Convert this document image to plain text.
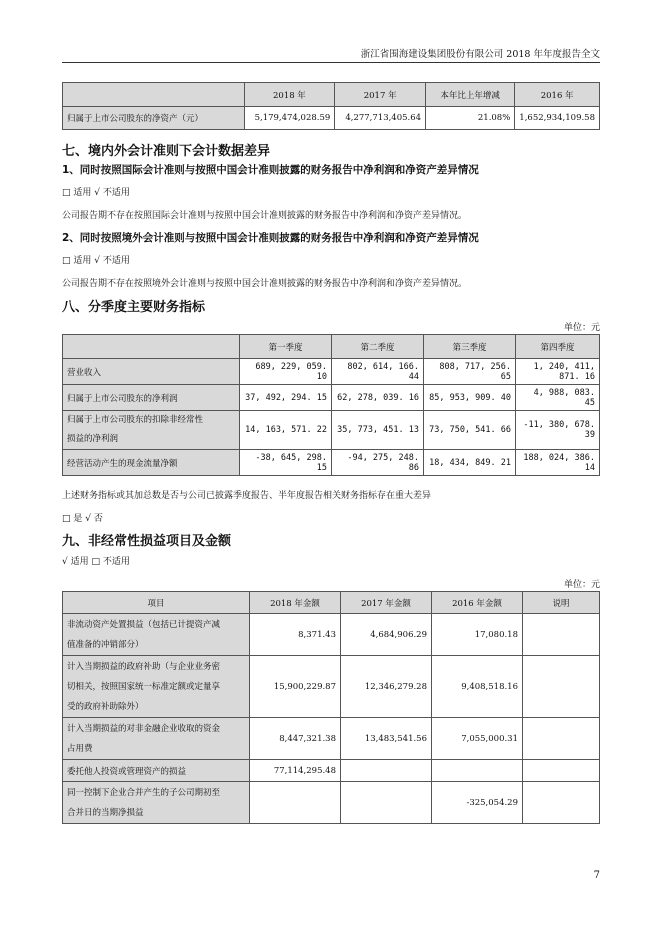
浙江省围海建设集团股份有限公司 2018 年年度报告全文
	2018 年	2017 年	本年比上年增减	2016 年
归属于上市公司股东的净资产（元）	5,179,474,028.59	4,277,713,405.64	21.08%	1,652,934,109.58
七、境内外会计准则下会计数据差异
1、同时按照国际会计准则与按照中国会计准则披露的财务报告中净利润和净资产差异情况
□ 适用 √ 不适用
公司报告期不存在按照国际会计准则与按照中国会计准则披露的财务报告中净利润和净资产差异情况。
2、同时按照境外会计准则与按照中国会计准则披露的财务报告中净利润和净资产差异情况
□ 适用 √ 不适用
公司报告期不存在按照境外会计准则与按照中国会计准则披露的财务报告中净利润和净资产差异情况。
八、分季度主要财务指标
单位：元
	第一季度	第二季度	第三季度	第四季度
营业收入	689, 229, 059. 10	802, 614, 166. 44	808, 717, 256. 65	1, 240, 411, 871. 16
归属于上市公司股东的净利润	37, 492, 294. 15	62, 278, 039. 16	85, 953, 909. 40	4, 988, 083. 45

归属于上市公司股东的扣除非经常性
损益的净利润	14, 163, 571. 22	35, 773, 451. 13	73, 750, 541. 66	-11, 380, 678. 39
经营活动产生的现金流量净额	-38, 645, 298. 15	-94, 275, 248. 86	18, 434, 849. 21	188, 024, 386. 14
上述财务指标或其加总数是否与公司已披露季度报告、半年度报告相关财务指标存在重大差异
□ 是 √ 否
九、非经常性损益项目及金额
√ 适用 □ 不适用
单位：元
项目	2018 年金额	2017 年金额	2016 年金额	说明

非流动资产处置损益（包括已计提资产减
值准备的冲销部分）	8,371.43	4,684,906.29	17,080.18	

计入当期损益的政府补助（与企业业务密
切相关，按照国家统一标准定额或定量享
受的政府补助除外）	15,900,229.87	12,346,279.28	9,408,518.16	

计入当期损益的对非金融企业收取的资金
占用费	8,447,321.38	13,483,541.56	7,055,000.31	

委托他人投资或管理资产的损益	77,114,295.48			

同一控制下企业合并产生的子公司期初至
合并日的当期净损益			-325,054.29	
7
